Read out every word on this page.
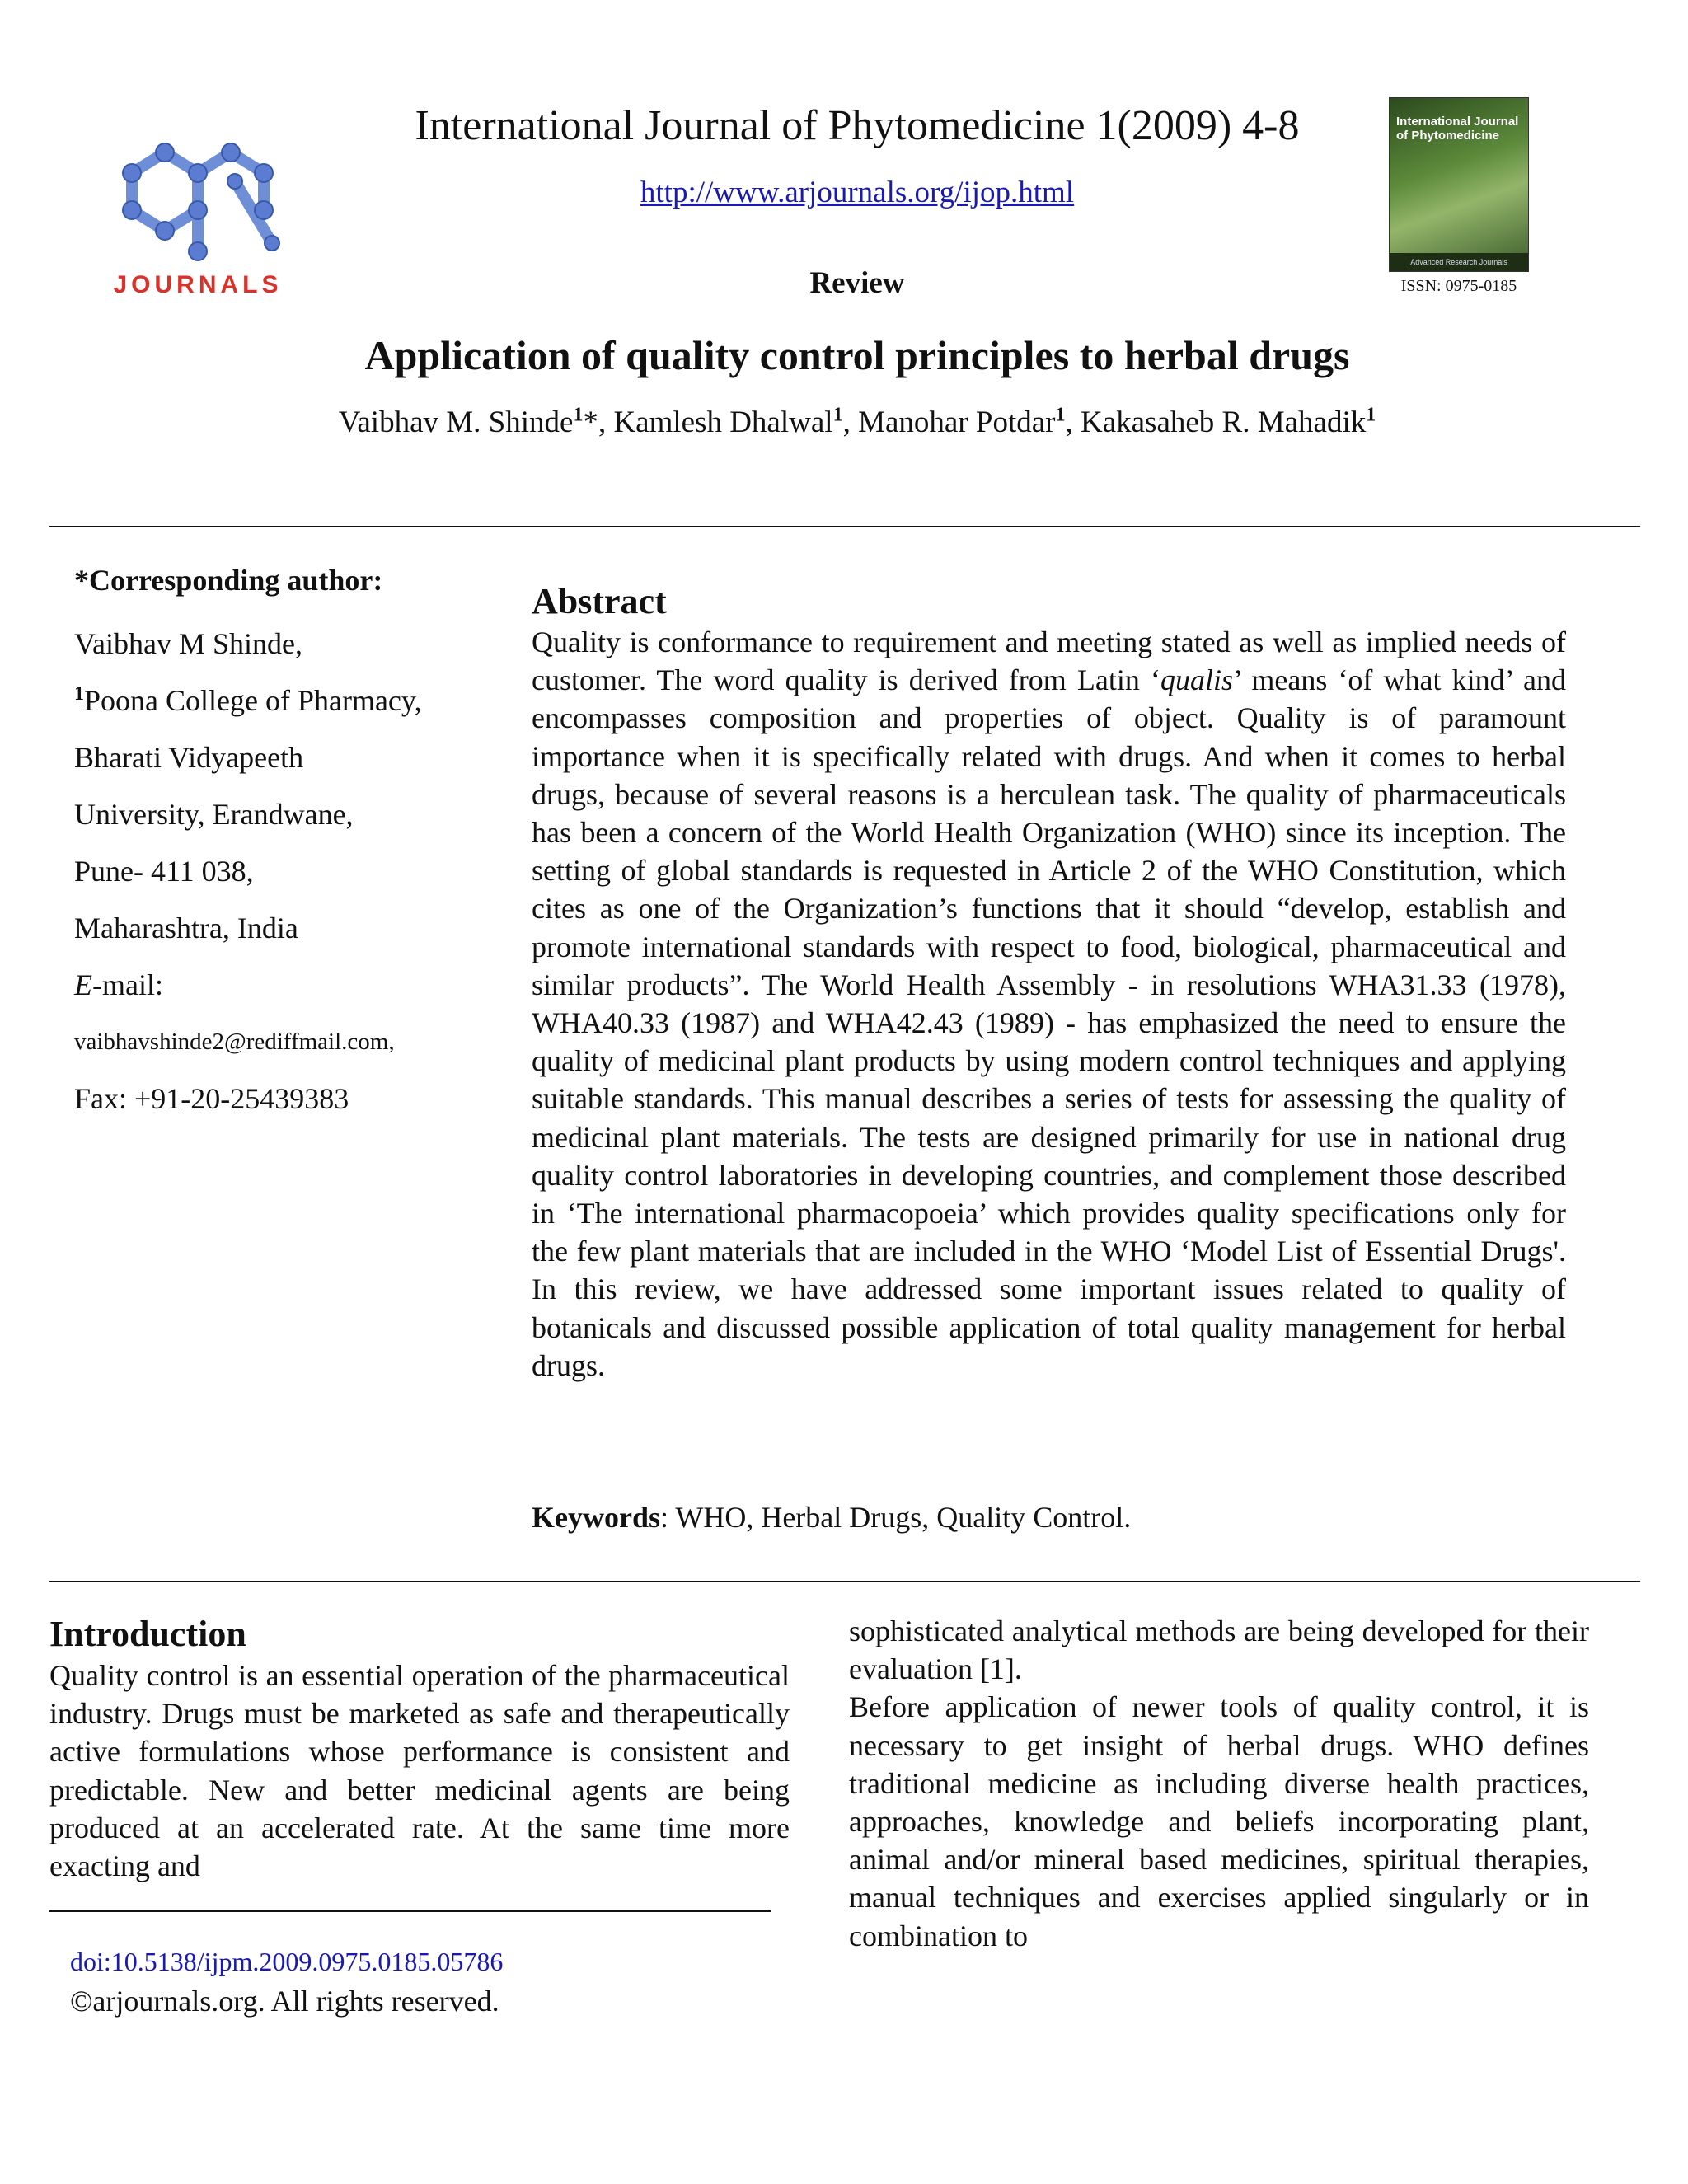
JOURNALS
International Journal of Phytomedicine 1(2009) 4-8
http://www.arjournals.org/ijop.html
Review
International Journal of Phytomedicine
Advanced Research Journals
ISSN: 0975-0185
Application of quality control principles to herbal drugs
Vaibhav M. Shinde$^1$*, Kamlesh Dhalwal$^1$, Manohar Potdar$^1$, Kakasaheb R. Mahadik$^1$
*Corresponding author:
Vaibhav M Shinde,
$^1$Poona College of Pharmacy,
Bharati Vidyapeeth
University, Erandwane,
Pune- 411 038,
Maharashtra, India
E-mail:
vaibhavshinde2@rediffmail.com,
Fax: +91-20-25439383
Abstract
Quality is conformance to requirement and meeting stated as well as implied needs of customer. The word quality is derived from Latin ‘qualis’ means ‘of what kind’ and encompasses composition and properties of object. Quality is of paramount importance when it is specifically related with drugs. And when it comes to herbal drugs, because of several reasons is a herculean task. The quality of pharmaceuticals has been a concern of the World Health Organization (WHO) since its inception. The setting of global standards is requested in Article 2 of the WHO Constitution, which cites as one of the Organization’s functions that it should “develop, establish and promote international standards with respect to food, biological, pharmaceutical and similar products”. The World Health Assembly - in resolutions WHA31.33 (1978), WHA40.33 (1987) and WHA42.43 (1989) - has emphasized the need to ensure the quality of medicinal plant products by using modern control techniques and applying suitable standards. This manual describes a series of tests for assessing the quality of medicinal plant materials. The tests are designed primarily for use in national drug quality control laboratories in developing countries, and complement those described in ‘The international pharmacopoeia’ which provides quality specifications only for the few plant materials that are included in the WHO ‘Model List of Essential Drugs'. In this review, we have addressed some important issues related to quality of botanicals and discussed possible application of total quality management for herbal drugs.
Keywords: WHO, Herbal Drugs, Quality Control.
Introduction
Quality control is an essential operation of the pharmaceutical industry. Drugs must be marketed as safe and therapeutically active formulations whose performance is consistent and predictable. New and better medicinal agents are being produced at an accelerated rate. At the same time more exacting and
sophisticated analytical methods are being developed for their evaluation [1].
Before application of newer tools of quality control, it is necessary to get insight of herbal drugs. WHO defines traditional medicine as including diverse health practices, approaches, knowledge and beliefs incorporating plant, animal and/or mineral based medicines, spiritual therapies, manual techniques and exercises applied singularly or in combination to
doi:10.5138/ijpm.2009.0975.0185.05786
©arjournals.org. All rights reserved.
